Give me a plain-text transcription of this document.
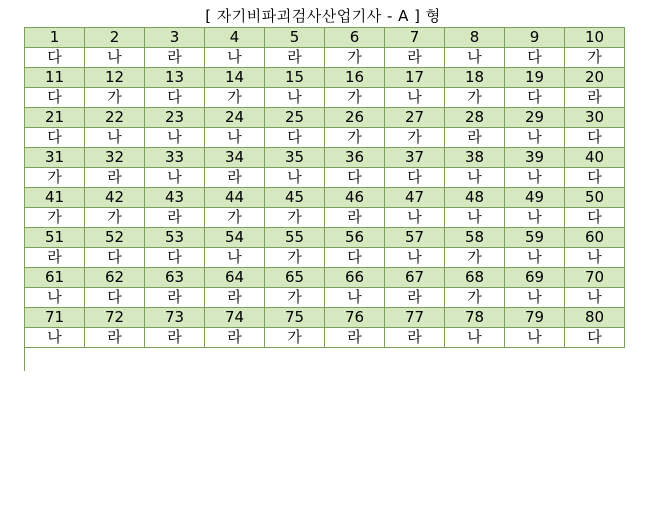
[ 자기비파괴검사산업기사 - A ] 형
1	2	3	4	5	6	7	8	9	10
다	나	라	나	라	가	라	나	다	가
11	12	13	14	15	16	17	18	19	20
다	가	다	가	나	가	나	가	다	라
21	22	23	24	25	26	27	28	29	30
다	나	나	나	다	가	가	라	나	다
31	32	33	34	35	36	37	38	39	40
가	라	나	라	나	다	다	나	나	다
41	42	43	44	45	46	47	48	49	50
가	가	라	가	가	라	나	나	나	다
51	52	53	54	55	56	57	58	59	60
라	다	다	나	가	다	나	가	나	나
61	62	63	64	65	66	67	68	69	70
나	다	라	라	가	나	라	가	나	나
71	72	73	74	75	76	77	78	79	80
나	라	라	라	가	라	라	나	나	다
